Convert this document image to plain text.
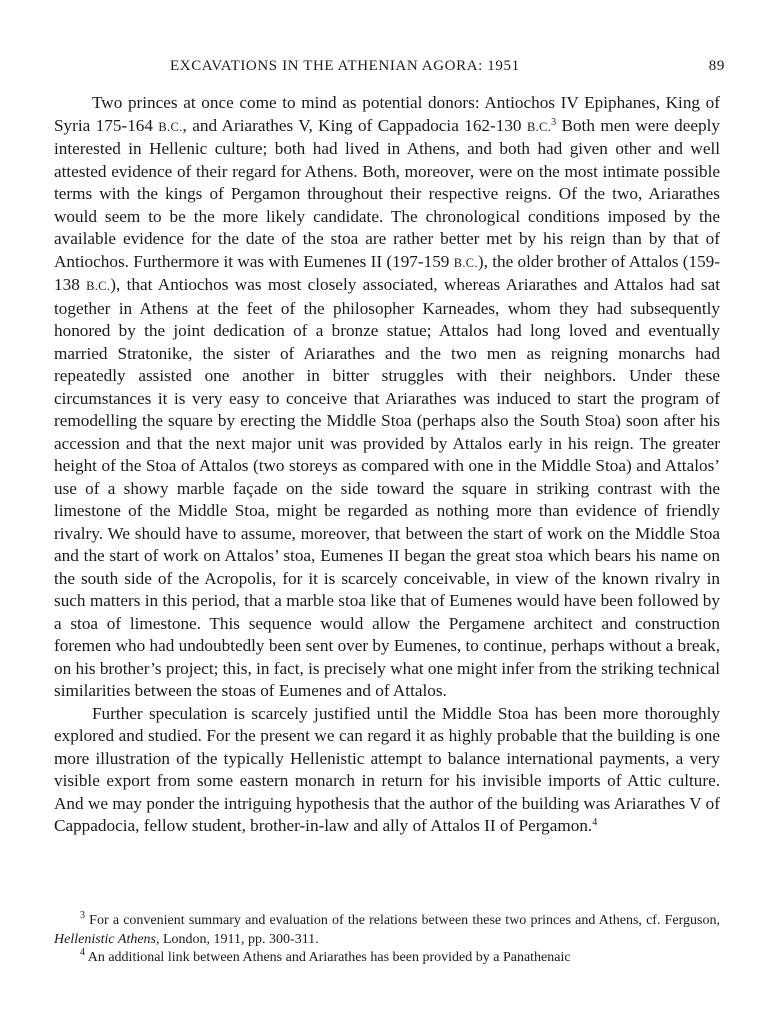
EXCAVATIONS IN THE ATHENIAN AGORA: 1951	89

Two princes at once come to mind as potential donors: Antiochos IV Epiphanes, King of Syria 175-164 B.C., and Ariarathes V, King of Cappadocia 162-130 B.C.$^3$ Both men were deeply interested in Hellenic culture; both had lived in Athens, and both had given other and well attested evidence of their regard for Athens. Both, moreover, were on the most intimate possible terms with the kings of Pergamon throughout their respective reigns. Of the two, Ariarathes would seem to be the more likely candidate. The chronological conditions imposed by the available evidence for the date of the stoa are rather better met by his reign than by that of Antiochos. Furthermore it was with Eumenes II (197-159 B.C.), the older brother of Attalos (159-138 B.C.), that Antiochos was most closely associated, whereas Ariarathes and Attalos had sat together in Athens at the feet of the philosopher Karneades, whom they had subsequently honored by the joint dedication of a bronze statue; Attalos had long loved and eventually married Stratonike, the sister of Ariarathes and the two men as reigning monarchs had repeatedly assisted one another in bitter struggles with their neighbors. Under these circumstances it is very easy to conceive that Ariarathes was induced to start the program of remodelling the square by erecting the Middle Stoa (perhaps also the South Stoa) soon after his accession and that the next major unit was provided by Attalos early in his reign. The greater height of the Stoa of Attalos (two storeys as compared with one in the Middle Stoa) and Attalos’ use of a showy marble façade on the side toward the square in striking contrast with the limestone of the Middle Stoa, might be regarded as nothing more than evidence of friendly rivalry. We should have to assume, moreover, that between the start of work on the Middle Stoa and the start of work on Attalos’ stoa, Eumenes II began the great stoa which bears his name on the south side of the Acropolis, for it is scarcely conceivable, in view of the known rivalry in such matters in this period, that a marble stoa like that of Eumenes would have been followed by a stoa of limestone. This sequence would allow the Pergamene architect and construction foremen who had undoubtedly been sent over by Eumenes, to continue, perhaps without a break, on his brother’s project; this, in fact, is precisely what one might infer from the striking technical similarities between the stoas of Eumenes and of Attalos.

Further speculation is scarcely justified until the Middle Stoa has been more thoroughly explored and studied. For the present we can regard it as highly probable that the building is one more illustration of the typically Hellenistic attempt to balance international payments, a very visible export from some eastern monarch in return for his invisible imports of Attic culture. And we may ponder the intriguing hypothesis that the author of the building was Ariarathes V of Cappadocia, fellow student, brother-in-law and ally of Attalos II of Pergamon.$^4$

$^3$ For a convenient summary and evaluation of the relations between these two princes and Athens, cf. Ferguson, Hellenistic Athens, London, 1911, pp. 300-311.

$^4$ An additional link between Athens and Ariarathes has been provided by a Panathenaic
